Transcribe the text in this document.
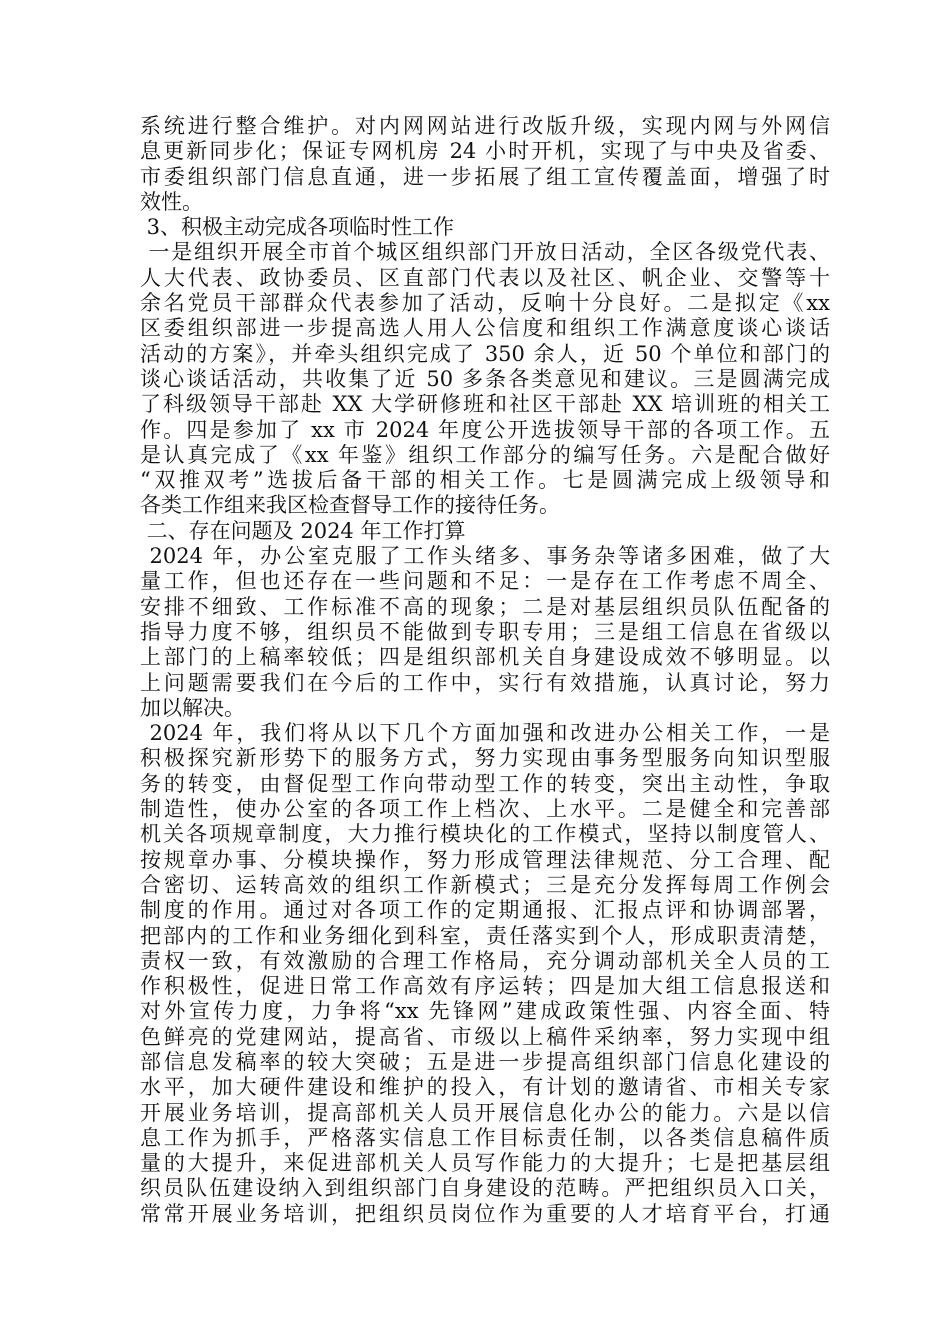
系统进行整合维护。对内网网站进行改版升级，实现内网与外网信
息更新同步化；保证专网机房 24 小时开机，实现了与中央及省委、
市委组织部门信息直通，进一步拓展了组工宣传覆盖面，增强了时
效性。
3、积极主动完成各项临时性工作
一是组织开展全市首个城区组织部门开放日活动，全区各级党代表、
人大代表、政协委员、区直部门代表以及社区、帆企业、交警等十
余名党员干部群众代表参加了活动，反响十分良好。二是拟定《xx
区委组织部进一步提高选人用人公信度和组织工作满意度谈心谈话
活动的方案》，并牵头组织完成了 350 余人，近 50 个单位和部门的
谈心谈话活动，共收集了近 50 多条各类意见和建议。三是圆满完成
了科级领导干部赴 XX 大学研修班和社区干部赴 XX 培训班的相关工
作。四是参加了 xx 市 2024 年度公开选拔领导干部的各项工作。五
是认真完成了《xx 年鉴》组织工作部分的编写任务。六是配合做好
“双推双考”选拔后备干部的相关工作。七是圆满完成上级领导和
各类工作组来我区检查督导工作的接待任务。
二、存在问题及 2024 年工作打算
2024 年，办公室克服了工作头绪多、事务杂等诸多困难，做了大
量工作，但也还存在一些问题和不足：一是存在工作考虑不周全、
安排不细致、工作标准不高的现象；二是对基层组织员队伍配备的
指导力度不够，组织员不能做到专职专用；三是组工信息在省级以
上部门的上稿率较低；四是组织部机关自身建设成效不够明显。以
上问题需要我们在今后的工作中，实行有效措施，认真讨论，努力
加以解决。
2024 年，我们将从以下几个方面加强和改进办公相关工作，一是
积极探究新形势下的服务方式，努力实现由事务型服务向知识型服
务的转变，由督促型工作向带动型工作的转变，突出主动性，争取
制造性，使办公室的各项工作上档次、上水平。二是健全和完善部
机关各项规章制度，大力推行模块化的工作模式，坚持以制度管人、
按规章办事、分模块操作，努力形成管理法律规范、分工合理、配
合密切、运转高效的组织工作新模式；三是充分发挥每周工作例会
制度的作用。通过对各项工作的定期通报、汇报点评和协调部署，
把部内的工作和业务细化到科室，责任落实到个人，形成职责清楚，
责权一致，有效激励的合理工作格局，充分调动部机关全人员的工
作积极性，促进日常工作高效有序运转；四是加大组工信息报送和
对外宣传力度，力争将“xx 先锋网”建成政策性强、内容全面、特
色鲜亮的党建网站，提高省、市级以上稿件采纳率，努力实现中组
部信息发稿率的较大突破；五是进一步提高组织部门信息化建设的
水平，加大硬件建设和维护的投入，有计划的邀请省、市相关专家
开展业务培训，提高部机关人员开展信息化办公的能力。六是以信
息工作为抓手，严格落实信息工作目标责任制，以各类信息稿件质
量的大提升，来促进部机关人员写作能力的大提升；七是把基层组
织员队伍建设纳入到组织部门自身建设的范畴。严把组织员入口关，
常常开展业务培训，把组织员岗位作为重要的人才培育平台，打通
